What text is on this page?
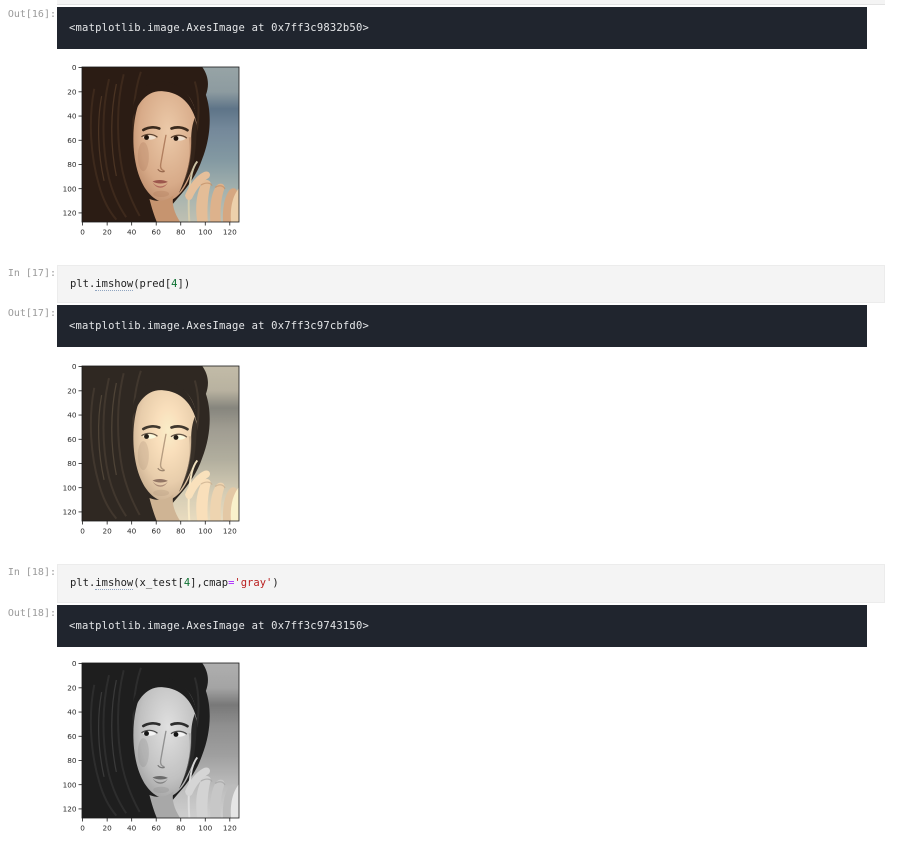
Out[16]:
<matplotlib.image.AxesImage at 0x7ff3c9832b50>
0
20
40
60
80
100
120
0 20 40 60 80 100 120
In [17]:
plt.imshow(pred[4])
Out[17]:
<matplotlib.image.AxesImage at 0x7ff3c97cbfd0>
0
20
40
60
80
100
120
0 20 40 60 80 100 120
In [18]:
plt.imshow(x_test[4],cmap='gray')
Out[18]:
<matplotlib.image.AxesImage at 0x7ff3c9743150>
0
20
40
60
80
100
120
0 20 40 60 80 100 120
